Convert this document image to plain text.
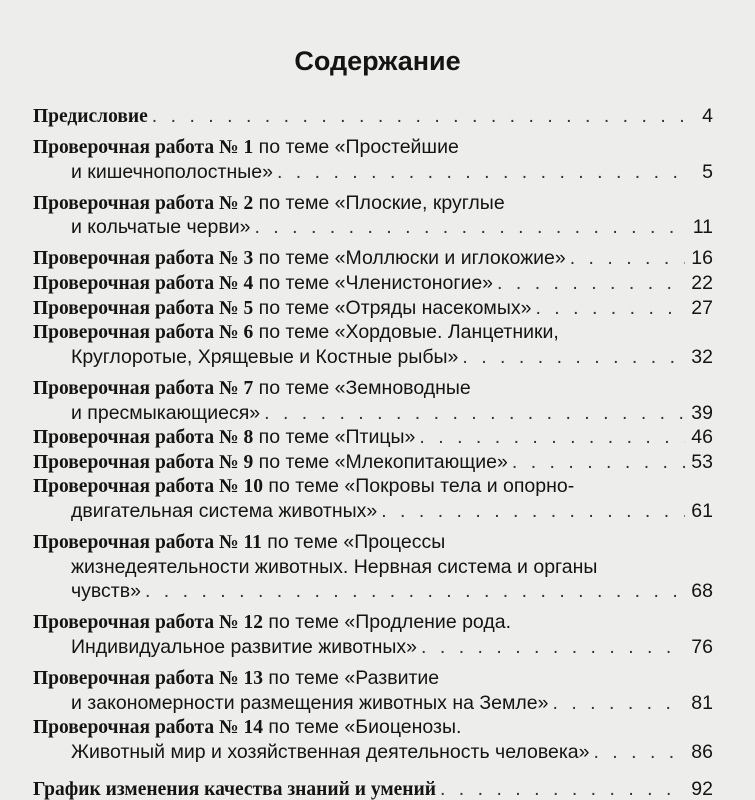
Содержание
Предисловие . . .	4
Проверочная работа № 1 по теме «Простейшие
и кишечнополостные» . . .	5
Проверочная работа № 2 по теме «Плоские, круглые
и кольчатые черви» . . .	11
Проверочная работа № 3 по теме «Моллюски и иглокожие» . . .	16
Проверочная работа № 4 по теме «Членистоногие» . . .	22
Проверочная работа № 5 по теме «Отряды насекомых» . . .	27
Проверочная работа № 6 по теме «Хордовые. Ланцетники,
Круглоротые, Хрящевые и Костные рыбы» . . .	32
Проверочная работа № 7 по теме «Земноводные
и пресмыкающиеся» . . .	39
Проверочная работа № 8 по теме «Птицы» . . .	46
Проверочная работа № 9 по теме «Млекопитающие» . . .	53
Проверочная работа № 10 по теме «Покровы тела и опорно-
двигательная система животных» . . .	61
Проверочная работа № 11 по теме «Процессы
жизнедеятельности животных. Нервная система и органы
чувств» . . .	68
Проверочная работа № 12 по теме «Продление рода.
Индивидуальное развитие животных» . . .	76
Проверочная работа № 13 по теме «Развитие
и закономерности размещения животных на Земле» . . .	81
Проверочная работа № 14 по теме «Биоценозы.
Животный мир и хозяйственная деятельность человека» . . .	86
График изменения качества знаний и умений . . .	92
